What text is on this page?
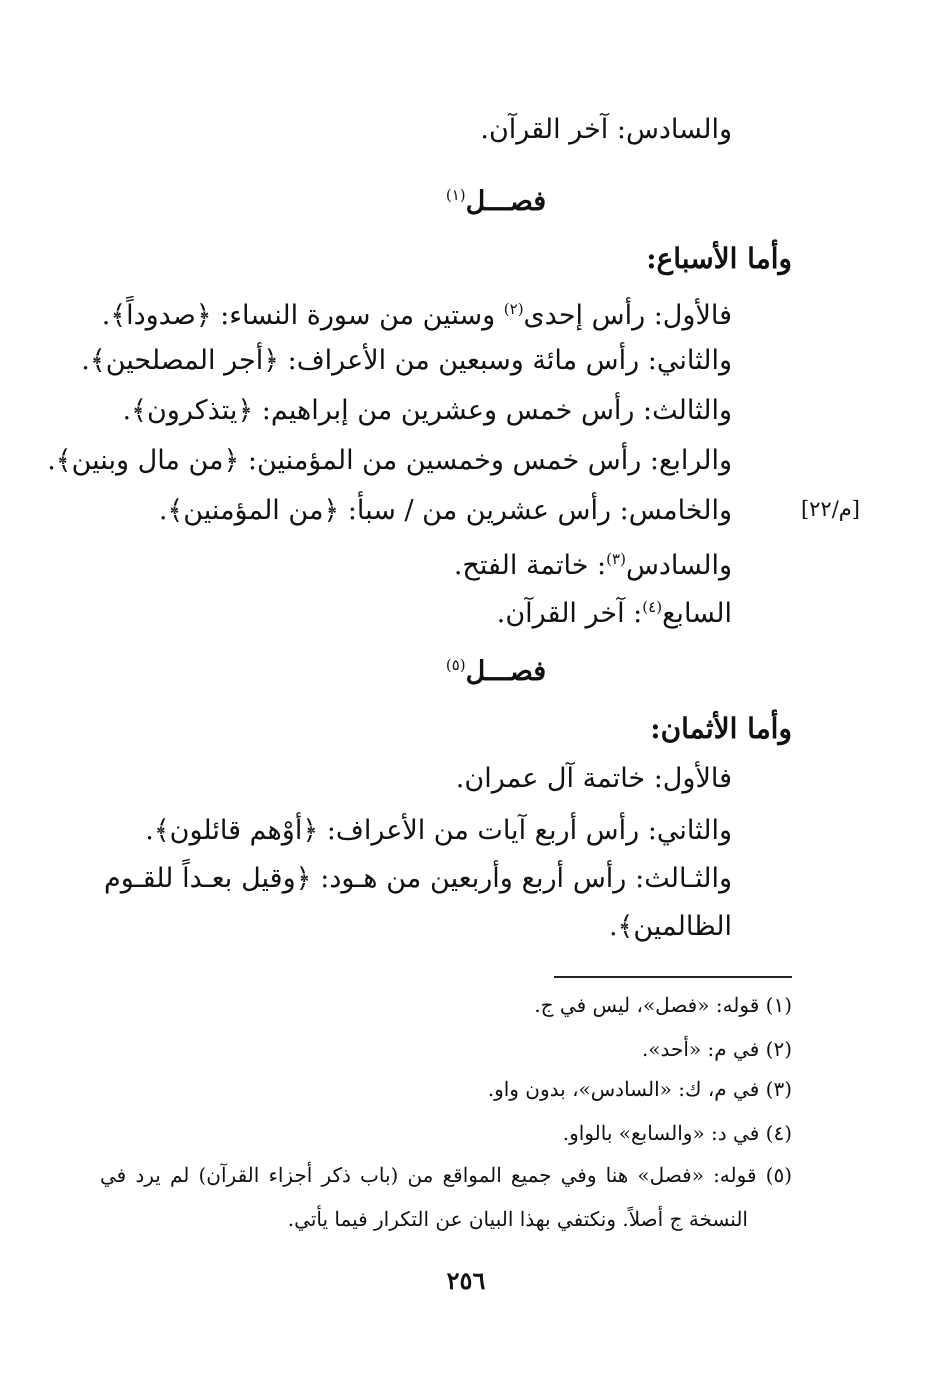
والسادس: آخر القرآن.
فصـــل$^{(١)}$
وأما الأسباع:
فالأول: رأس إحدى$^{(٢)}$ وستين من سورة النساء: ﴿صدوداً﴾.
والثاني: رأس مائة وسبعين من الأعراف: ﴿أجر المصلحين﴾.
والثالث: رأس خمس وعشرين من إبراهيم: ﴿يتذكرون﴾.
والرابع: رأس خمس وخمسين من المؤمنين: ﴿من مال وبنين﴾.
والخامس: رأس عشرين من / سبأ: ﴿من المؤمنين﴾.	[م/٢٢]
والسادس$^{(٣)}$: خاتمة الفتح.
السابع$^{(٤)}$: آخر القرآن.
فصـــل$^{(٥)}$
وأما الأثمان:
فالأول: خاتمة آل عمران.
والثاني: رأس أربع آيات من الأعراف: ﴿أوْهم قائلون﴾.
والثـالث: رأس أربع وأربعين من هـود: ﴿وقيل بعـداً للقـوم
الظالمين﴾.
(١) قوله: «فصل»، ليس في ج.
(٢) في م: «أحد».
(٣) في م، ك: «السادس»، بدون واو.
(٤) في د: «والسابع» بالواو.
(٥) قوله: «فصل» هنا وفي جميع المواقع من (باب ذكر أجزاء القرآن) لم يرد في
النسخة ج أصلاً. ونكتفي بهذا البيان عن التكرار فيما يأتي.
٢٥٦
